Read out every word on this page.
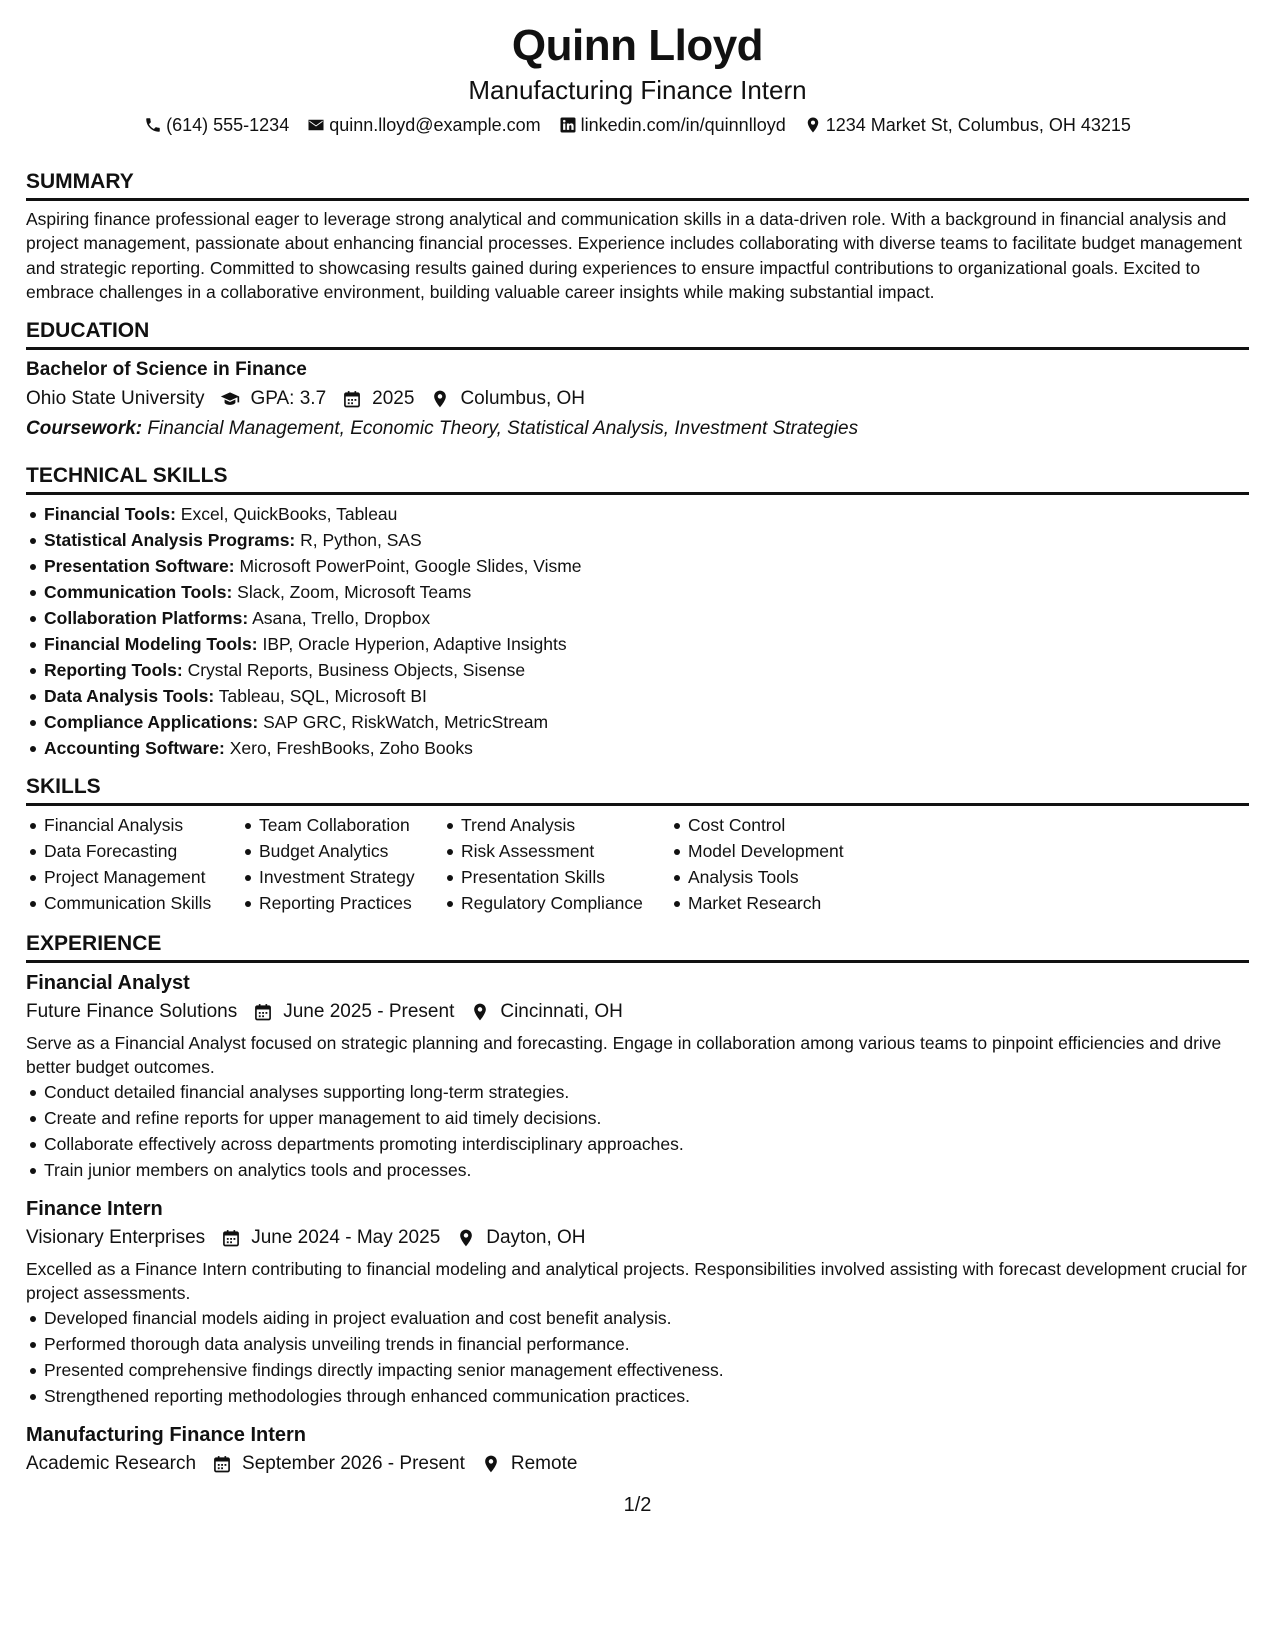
Quinn Lloyd
Manufacturing Finance Intern
(614) 555-1234 quinn.lloyd@example.com linkedin.com/in/quinnlloyd 1234 Market St, Columbus, OH 43215
SUMMARY

Aspiring finance professional eager to leverage strong analytical and communication skills in a data-driven role. With a background in financial analysis and project management, passionate about enhancing financial processes. Experience includes collaborating with diverse teams to facilitate budget management and strategic reporting. Committed to showcasing results gained during experiences to ensure impactful contributions to organizational goals. Excited to embrace challenges in a collaborative environment, building valuable career insights while making substantial impact.

EDUCATION
Bachelor of Science in Finance
Ohio State University GPA: 3.7 2025 Columbus, OH
Coursework: Financial Management, Economic Theory, Statistical Analysis, Investment Strategies
TECHNICAL SKILLS
Financial Tools: Excel, QuickBooks, Tableau
Statistical Analysis Programs: R, Python, SAS
Presentation Software: Microsoft PowerPoint, Google Slides, Visme
Communication Tools: Slack, Zoom, Microsoft Teams
Collaboration Platforms: Asana, Trello, Dropbox
Financial Modeling Tools: IBP, Oracle Hyperion, Adaptive Insights
Reporting Tools: Crystal Reports, Business Objects, Sisense
Data Analysis Tools: Tableau, SQL, Microsoft BI
Compliance Applications: SAP GRC, RiskWatch, MetricStream
Accounting Software: Xero, FreshBooks, Zoho Books
SKILLS
Financial Analysis
Data Forecasting
Project Management
Communication Skills
Team Collaboration
Budget Analytics
Investment Strategy
Reporting Practices
Trend Analysis
Risk Assessment
Presentation Skills
Regulatory Compliance
Cost Control
Model Development
Analysis Tools
Market Research
EXPERIENCE
Financial Analyst
Future Finance Solutions June 2025 - Present Cincinnati, OH

Serve as a Financial Analyst focused on strategic planning and forecasting. Engage in collaboration among various teams to pinpoint efficiencies and drive better budget outcomes.

Conduct detailed financial analyses supporting long-term strategies.
Create and refine reports for upper management to aid timely decisions.
Collaborate effectively across departments promoting interdisciplinary approaches.
Train junior members on analytics tools and processes.
Finance Intern
Visionary Enterprises June 2024 - May 2025 Dayton, OH

Excelled as a Finance Intern contributing to financial modeling and analytical projects. Responsibilities involved assisting with forecast development crucial for project assessments.

Developed financial models aiding in project evaluation and cost benefit analysis.
Performed thorough data analysis unveiling trends in financial performance.
Presented comprehensive findings directly impacting senior management effectiveness.
Strengthened reporting methodologies through enhanced communication practices.
Manufacturing Finance Intern
Academic Research September 2026 - Present Remote
1/2
